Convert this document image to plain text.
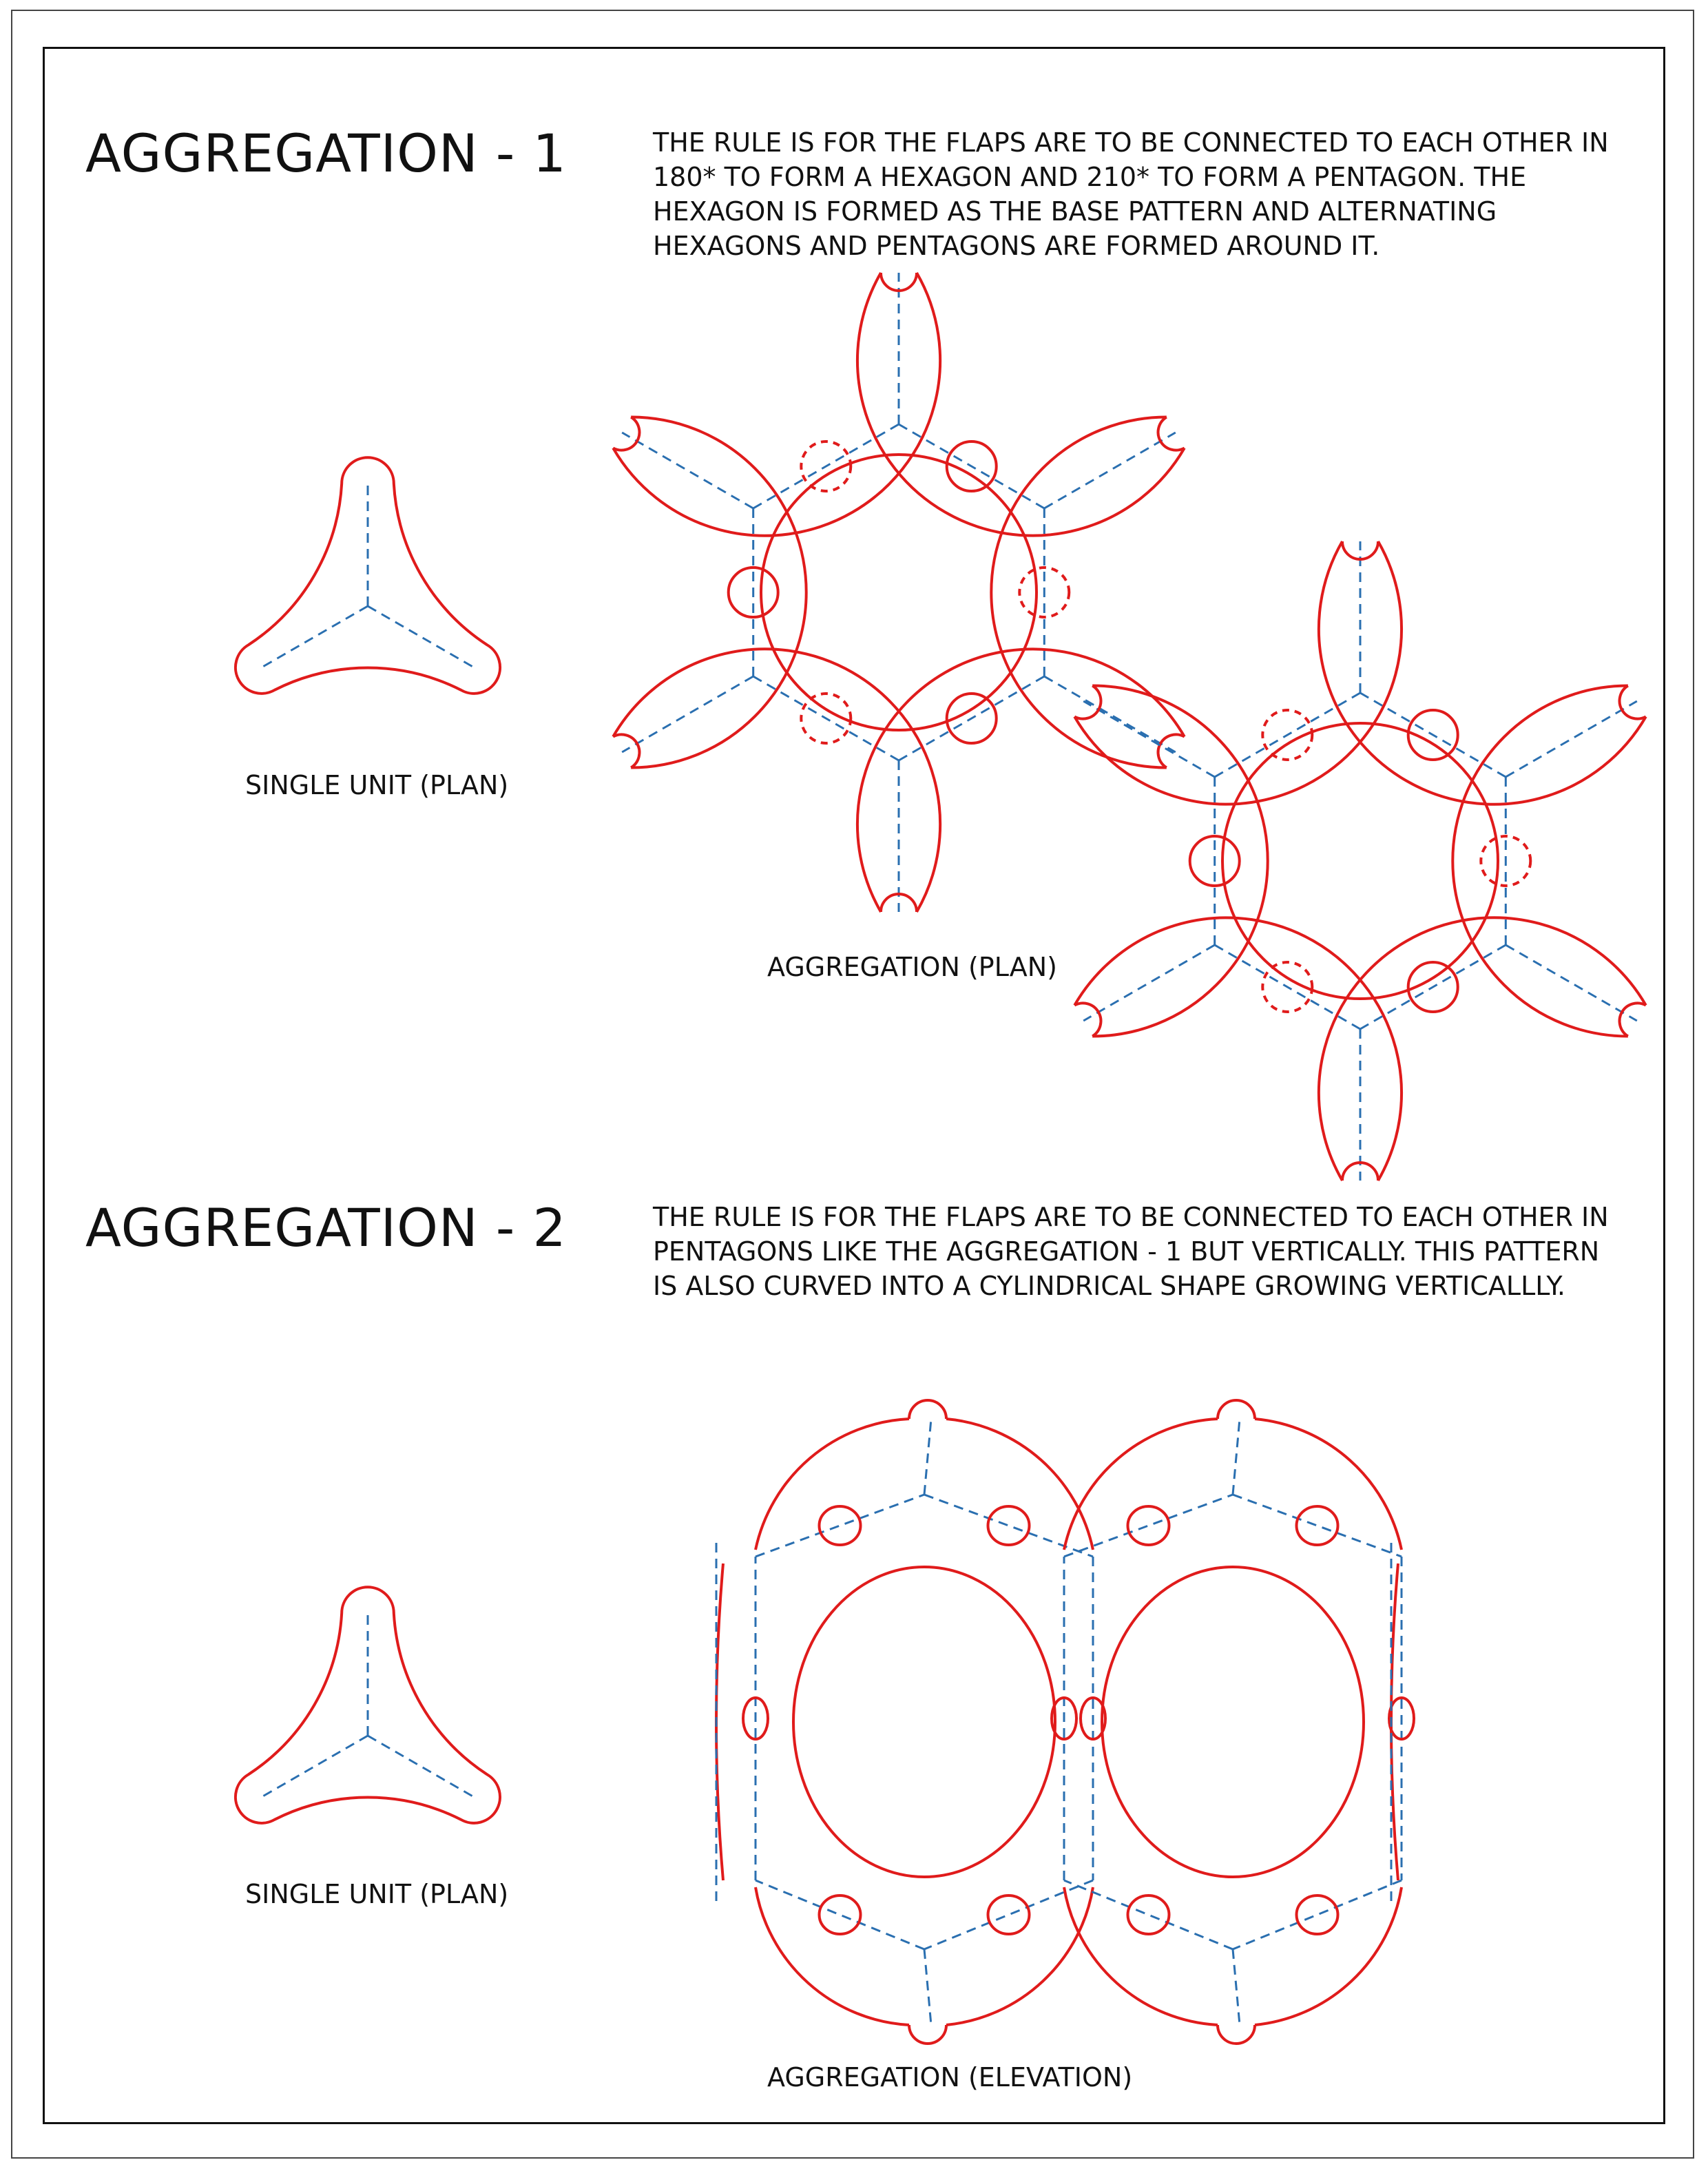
AGGREGATION - 1	THE RULE IS FOR THE FLAPS ARE TO BE CONNECTED TO EACH OTHER IN 180* TO FORM A HEXAGON AND 210* TO FORM A PENTAGON. THE HEXAGON IS FORMED AS THE BASE PATTERN AND ALTERNATING HEXAGONS AND PENTAGONS ARE FORMED AROUND IT.

SINGLE UNIT (PLAN)
AGGREGATION (PLAN)
AGGREGATION - 2	THE RULE IS FOR THE FLAPS ARE TO BE CONNECTED TO EACH OTHER IN PENTAGONS LIKE THE AGGREGATION - 1 BUT VERTICALLY. THIS PATTERN IS ALSO CURVED INTO A CYLINDRICAL SHAPE GROWING VERTICALLLY.

SINGLE UNIT (PLAN)
AGGREGATION (ELEVATION)
